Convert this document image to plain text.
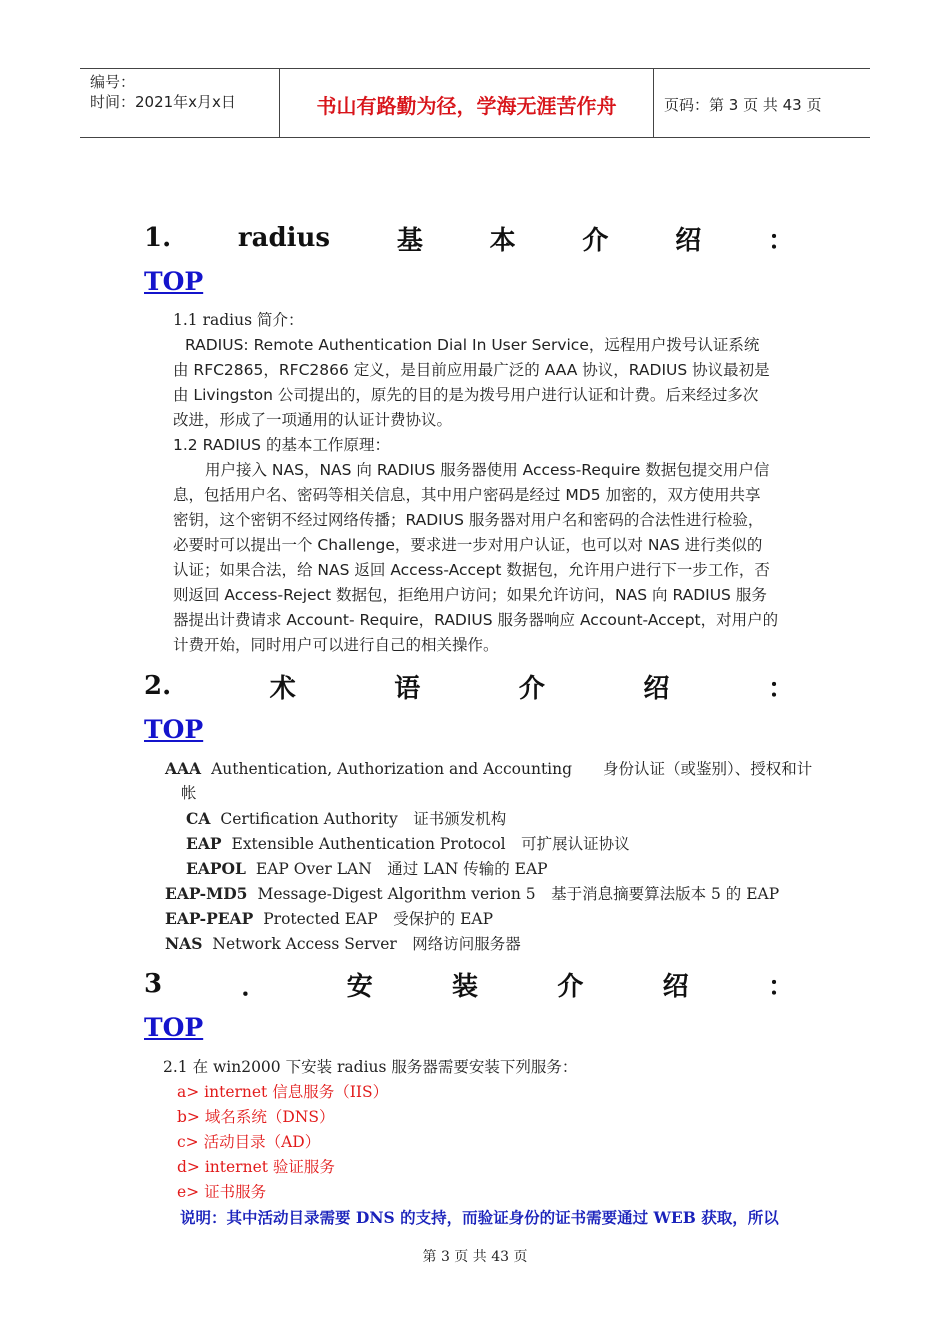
编号：
时间：2021年x月x日	书山有路勤为径，学海无涯苦作舟	页码：第 3 页 共 43 页
1.	radius	基	本	介	绍	：
TOP
1.1 radius 简介：
RADIUS: Remote Authentication Dial In User Service，远程用户拨号认证系统
由 RFC2865，RFC2866 定义，是目前应用最广泛的 AAA 协议，RADIUS 协议最初是
由 Livingston 公司提出的，原先的目的是为拨号用户进行认证和计费。后来经过多次
改进，形成了一项通用的认证计费协议。
1.2 RADIUS 的基本工作原理：
用户接入 NAS，NAS 向 RADIUS 服务器使用 Access-Require 数据包提交用户信
息，包括用户名、密码等相关信息，其中用户密码是经过 MD5 加密的，双方使用共享
密钥，这个密钥不经过网络传播；RADIUS 服务器对用户名和密码的合法性进行检验，
必要时可以提出一个 Challenge，要求进一步对用户认证，也可以对 NAS 进行类似的
认证；如果合法，给 NAS 返回 Access-Accept 数据包，允许用户进行下一步工作，否
则返回 Access-Reject 数据包，拒绝用户访问；如果允许访问，NAS 向 RADIUS 服务
器提出计费请求 Account- Require，RADIUS 服务器响应 Account-Accept，对用户的
计费开始，同时用户可以进行自己的相关操作。
2.	术	语	介	绍	：
TOP
AAA Authentication, Authorization and Accounting　　身份认证（或鉴别）、授权和计
帐
CA Certification Authority　证书颁发机构
EAP Extensible Authentication Protocol　可扩展认证协议
EAPOL EAP Over LAN　通过 LAN 传输的 EAP
EAP-MD5 Message-Digest Algorithm verion 5　基于消息摘要算法版本 5 的 EAP
EAP-PEAP Protected EAP　受保护的 EAP
NAS Network Access Server　网络访问服务器
3	．	安	装	介	绍	：
TOP
2.1 在 win2000 下安装 radius 服务器需要安装下列服务：
a> internet 信息服务（IIS）
b> 域名系统（DNS）
c> 活动目录（AD）
d> internet 验证服务
e> 证书服务
说明：其中活动目录需要 DNS 的支持，而验证身份的证书需要通过 WEB 获取，所以
第 3 页 共 43 页
